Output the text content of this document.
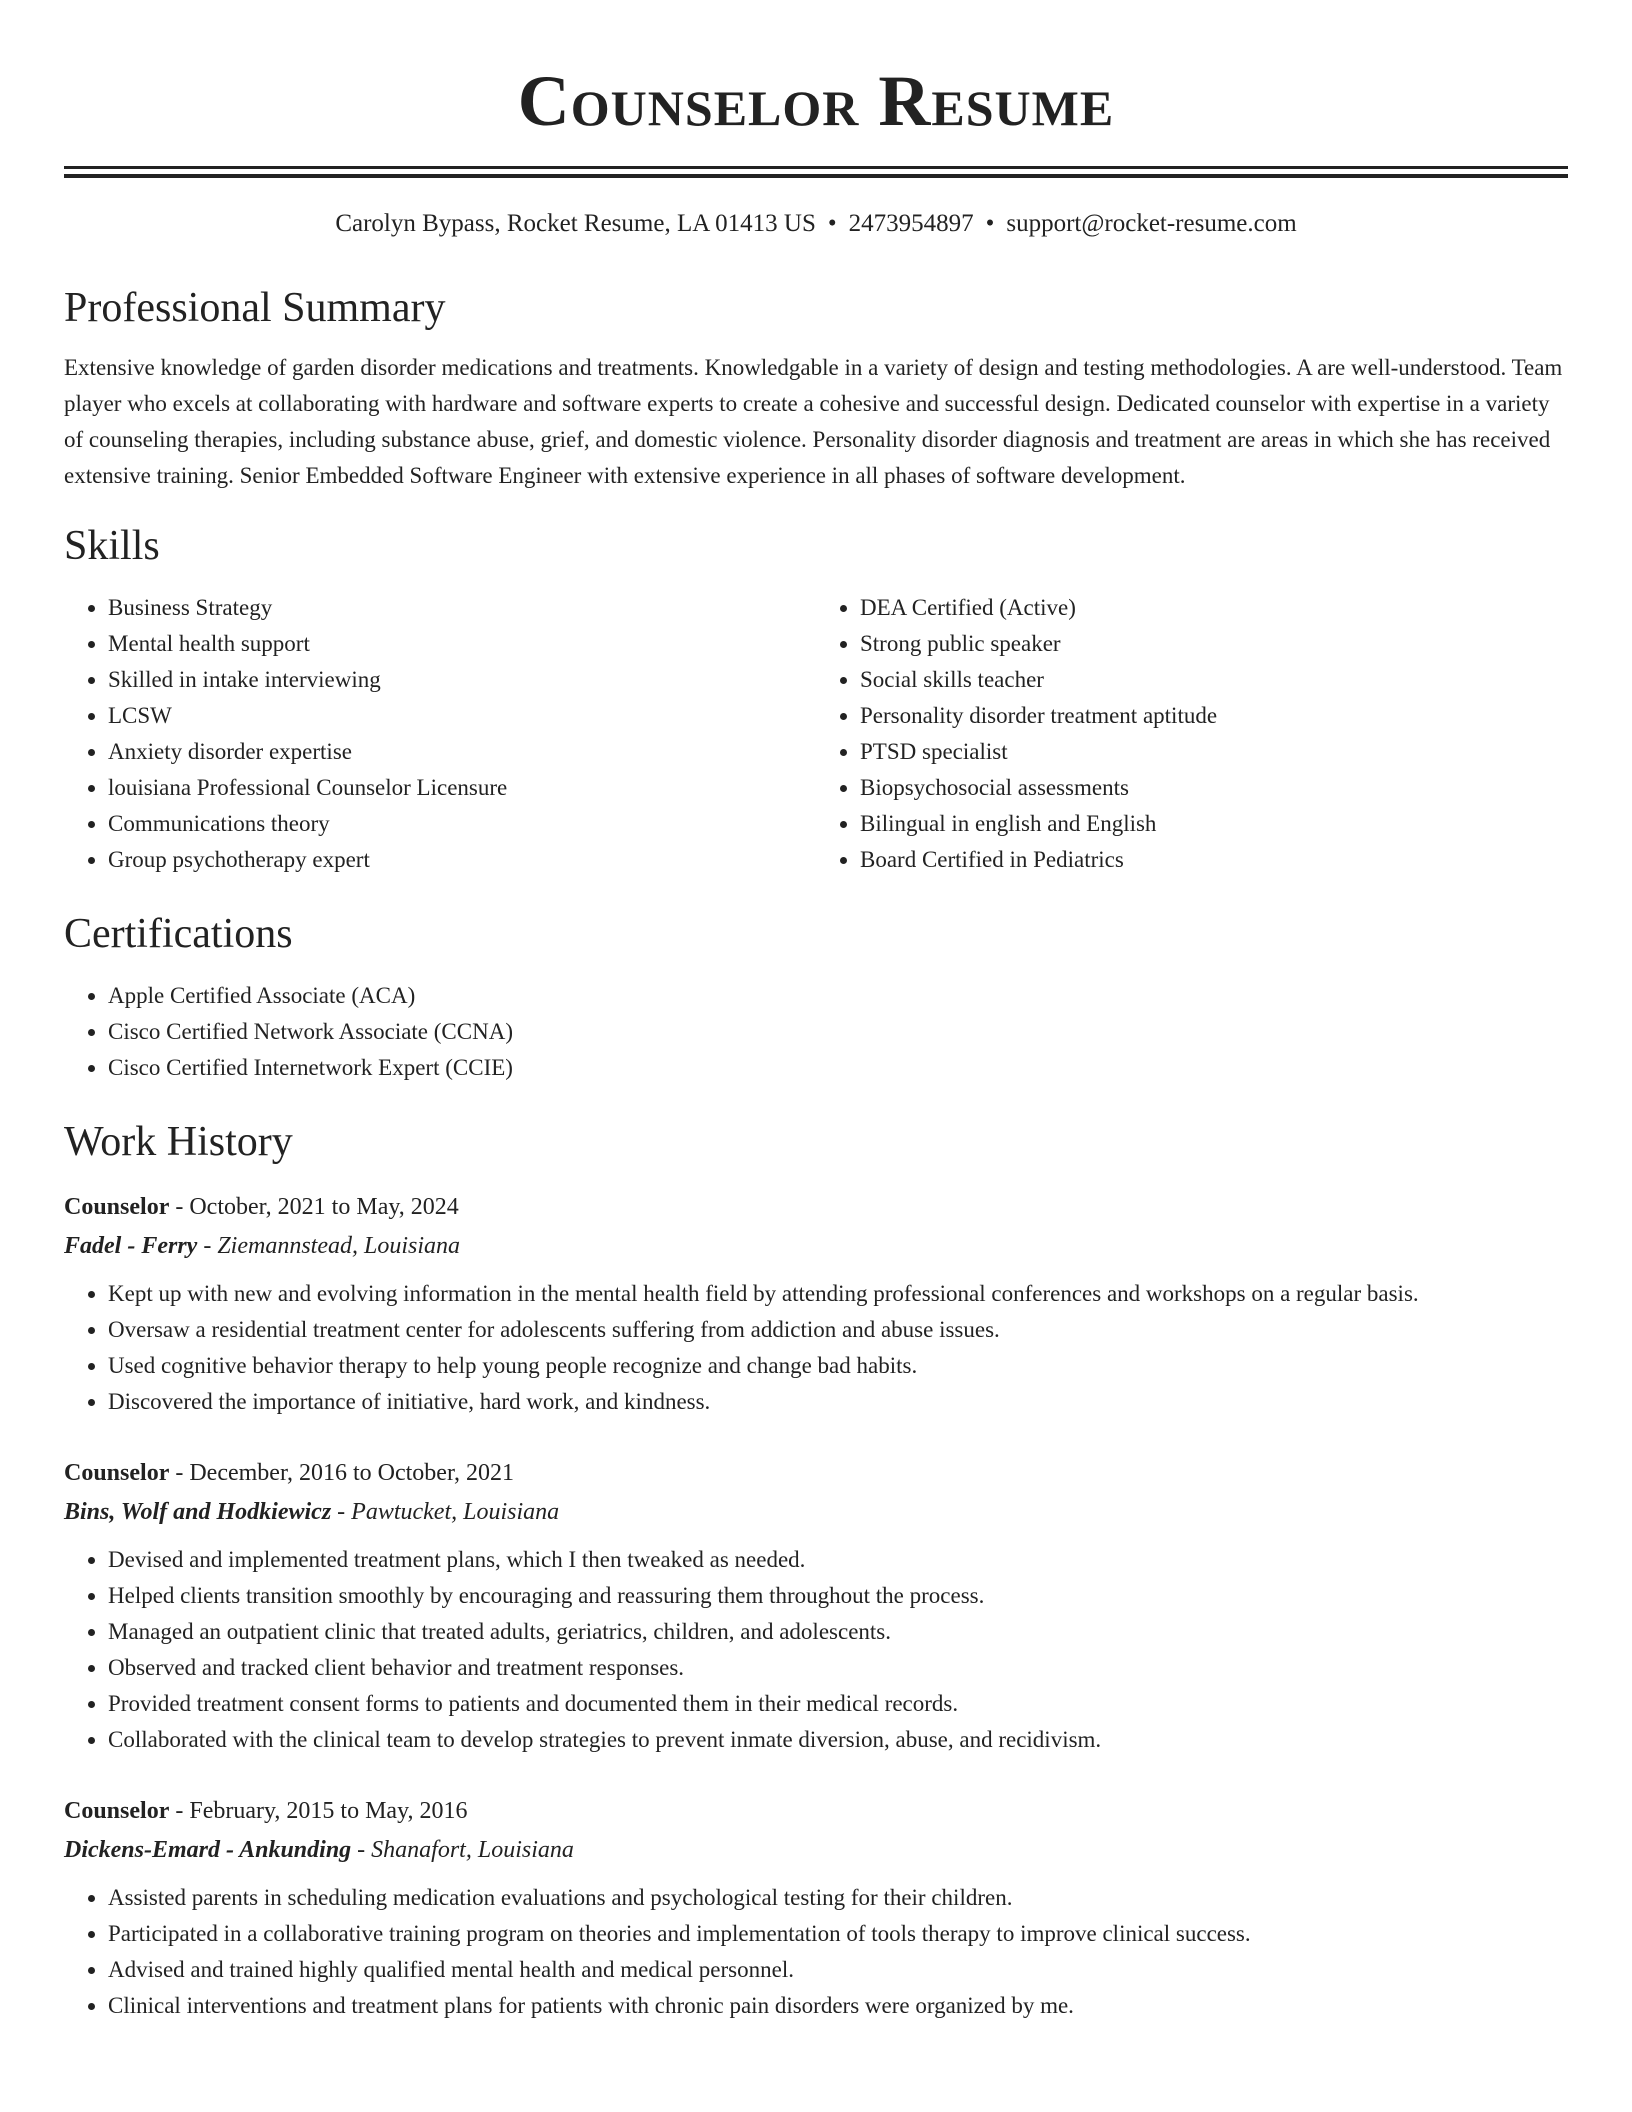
Counselor Resume
Carolyn Bypass, Rocket Resume, LA 01413 US • 2473954897 • support@rocket-resume.com
Professional Summary

Extensive knowledge of garden disorder medications and treatments. Knowledgable in a variety of design and testing methodologies. A are well-understood. Team player who excels at collaborating with hardware and software experts to create a cohesive and successful design. Dedicated counselor with expertise in a variety of counseling therapies, including substance abuse, grief, and domestic violence. Personality disorder diagnosis and treatment are areas in which she has received extensive training. Senior Embedded Software Engineer with extensive experience in all phases of software development.

Skills
• Business Strategy
• Mental health support
• Skilled in intake interviewing
• LCSW
• Anxiety disorder expertise
• louisiana Professional Counselor Licensure
• Communications theory
• Group psychotherapy expert
• DEA Certified (Active)
• Strong public speaker
• Social skills teacher
• Personality disorder treatment aptitude
• PTSD specialist
• Biopsychosocial assessments
• Bilingual in english and English
• Board Certified in Pediatrics
Certifications
• Apple Certified Associate (ACA)
• Cisco Certified Network Associate (CCNA)
• Cisco Certified Internetwork Expert (CCIE)
Work History
Counselor - October, 2021 to May, 2024
Fadel - Ferry - Ziemannstead, Louisiana
• Kept up with new and evolving information in the mental health field by attending professional conferences and workshops on a regular basis.
• Oversaw a residential treatment center for adolescents suffering from addiction and abuse issues.
• Used cognitive behavior therapy to help young people recognize and change bad habits.
• Discovered the importance of initiative, hard work, and kindness.
Counselor - December, 2016 to October, 2021
Bins, Wolf and Hodkiewicz - Pawtucket, Louisiana
• Devised and implemented treatment plans, which I then tweaked as needed.
• Helped clients transition smoothly by encouraging and reassuring them throughout the process.
• Managed an outpatient clinic that treated adults, geriatrics, children, and adolescents.
• Observed and tracked client behavior and treatment responses.
• Provided treatment consent forms to patients and documented them in their medical records.
• Collaborated with the clinical team to develop strategies to prevent inmate diversion, abuse, and recidivism.
Counselor - February, 2015 to May, 2016
Dickens-Emard - Ankunding - Shanafort, Louisiana
• Assisted parents in scheduling medication evaluations and psychological testing for their children.
• Participated in a collaborative training program on theories and implementation of tools therapy to improve clinical success.
• Advised and trained highly qualified mental health and medical personnel.
• Clinical interventions and treatment plans for patients with chronic pain disorders were organized by me.
